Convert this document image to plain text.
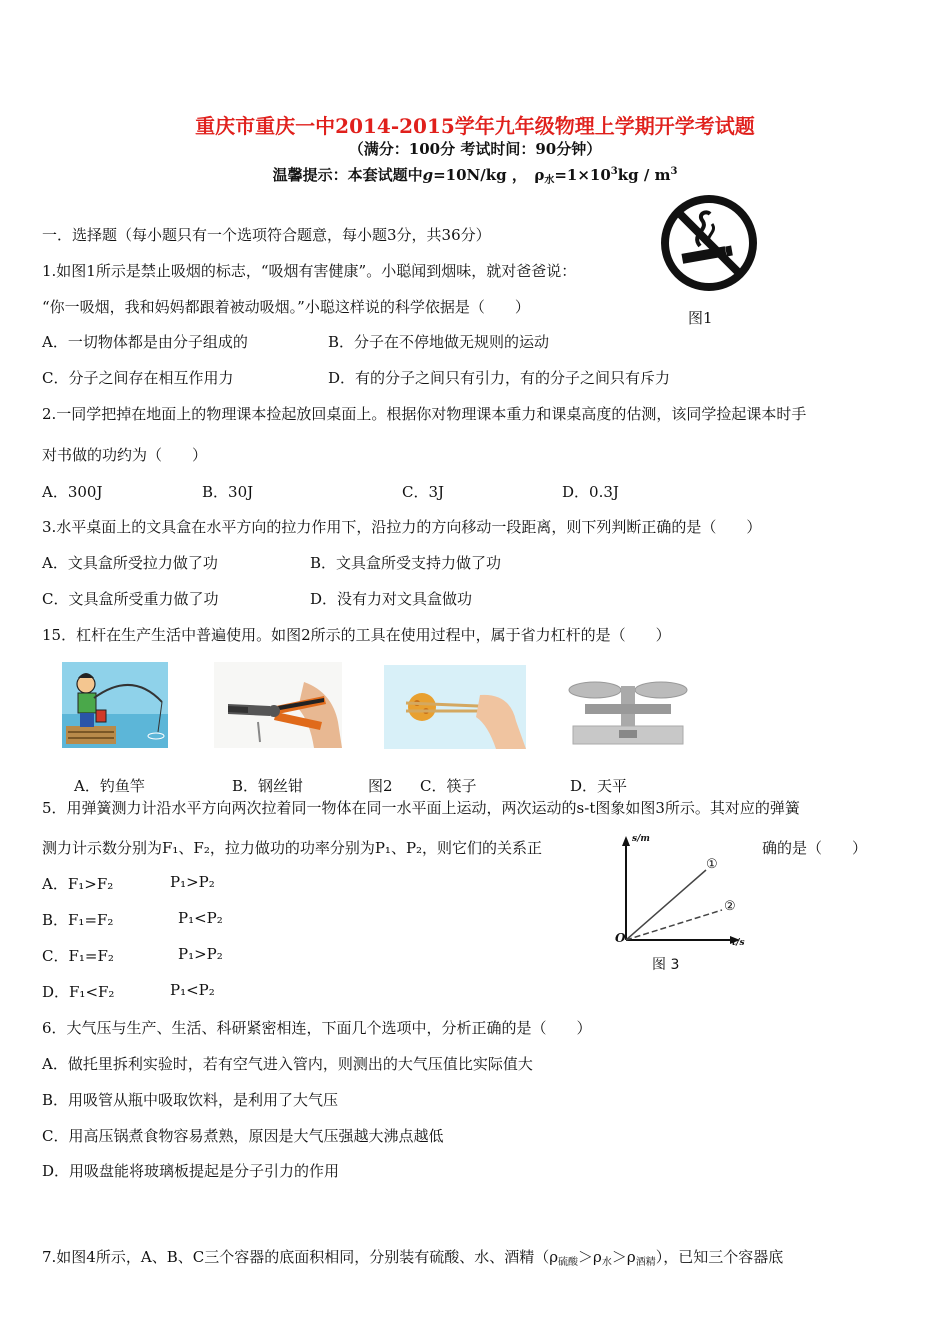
重庆市重庆一中2014-2015学年九年级物理上学期开学考试题
（满分：100分 考试时间：90分钟）
温馨提示：本套试题中g=10N/kg ，　 $\rho_水=1\times 10^3kg / m^3$
一．选择题（每小题只有一个选项符合题意，每小题3分，共36分）
图1
1.如图1所示是禁止吸烟的标志，“吸烟有害健康”。小聪闻到烟味，就对爸爸说：
“你一吸烟，我和妈妈都跟着被动吸烟。”小聪这样说的科学依据是（　　）
A．一切物体都是由分子组成的	B．分子在不停地做无规则的运动
C．分子之间存在相互作用力	D．有的分子之间只有引力，有的分子之间只有斥力
2.一同学把掉在地面上的物理课本捡起放回桌面上。根据你对物理课本重力和课桌高度的估测，该同学捡起课本时手
对书做的功约为（　　）
A．300J	B．30J	C．3J	D．0.3J
3.水平桌面上的文具盒在水平方向的拉力作用下，沿拉力的方向移动一段距离，则下列判断正确的是（　　）
A．文具盒所受拉力做了功	B．文具盒所受支持力做了功
C．文具盒所受重力做了功	D．没有力对文具盒做功
15．杠杆在生产生活中普遍使用。如图2所示的工具在使用过程中，属于省力杠杆的是（　　）
A．钓鱼竿	B．钢丝钳	图2 C．筷子	D．天平
5．用弹簧测力计沿水平方向两次拉着同一物体在同一水平面上运动，两次运动的s-t图象如图3所示。其对应的弹簧
测力计示数分别为F₁、F₂，拉力做功的功率分别为P₁、P₂，则它们的关系正	确的是（　　）
A．F₁>F₂	P₁>P₂
B．F₁=F₂	P₁<P₂
C．F₁=F₂	P₁>P₂
D．F₁<F₂	P₁<P₂
s/m
t/s
O
①
②
图 3
6．大气压与生产、生活、科研紧密相连，下面几个选项中，分析正确的是（　　）
A．做托里拆利实验时，若有空气进入管内，则测出的大气压值比实际值大
B．用吸管从瓶中吸取饮料，是利用了大气压
C．用高压锅煮食物容易煮熟，原因是大气压强越大沸点越低
D．用吸盘能将玻璃板提起是分子引力的作用
7.如图4所示，A、B、C三个容器的底面积相同，分别装有硫酸、水、酒精$(\rho_{硫酸}>\rho_水>\rho_{酒精})$，已知三个容器底
